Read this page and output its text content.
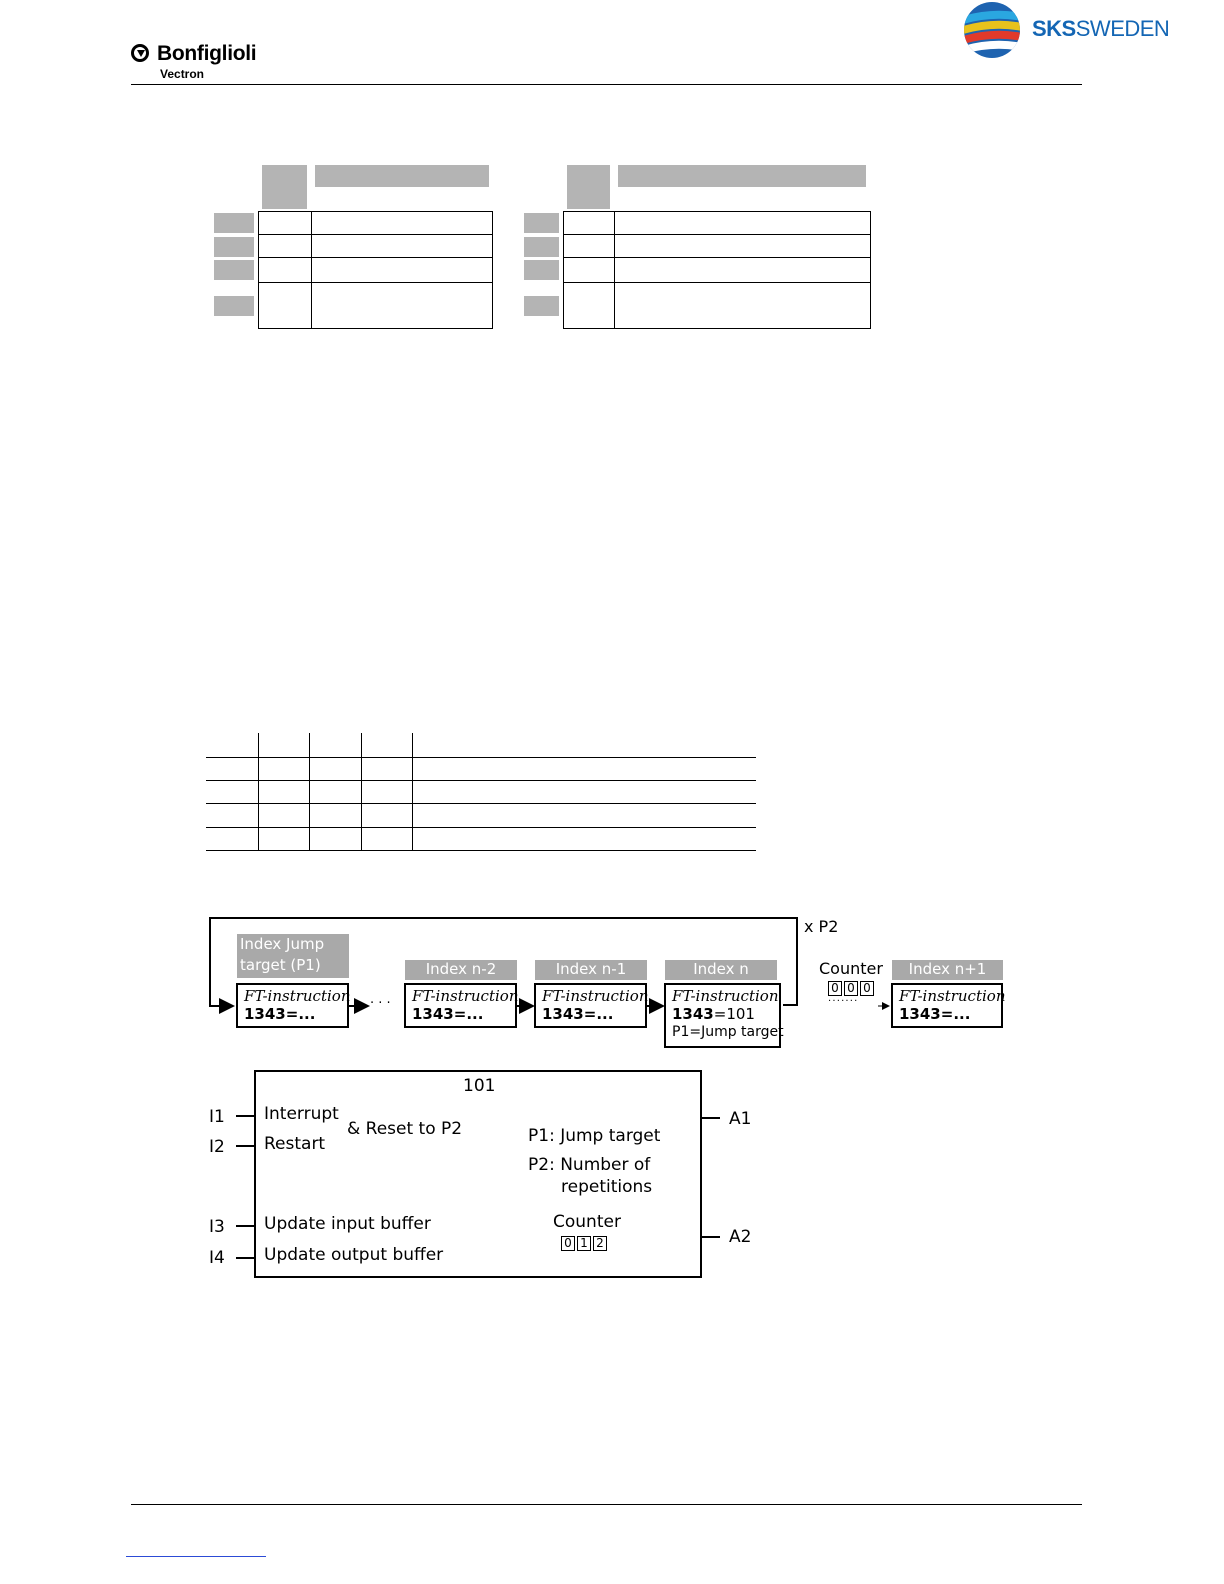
Bonfiglioli
Vectron
SKSSWEDEN
x P2
Index Jump target (P1)
FT-instruction
1343=...
· · ·
Index n-2
FT-instruction
1343=...
Index n-1
FT-instruction
1343=...
Index n
FT-instruction
1343=101
P1=Jump target
Counter
0 0 0
· · · · · · ·
Index n+1
FT-instruction
1343=...
101
I1
I2
I3
I4
A1
A2
Interrupt
Restart
& Reset to P2	P1: Jump target
P2: Number of
repetitions
Update input buffer
Update output buffer
Counter
0 1 2
